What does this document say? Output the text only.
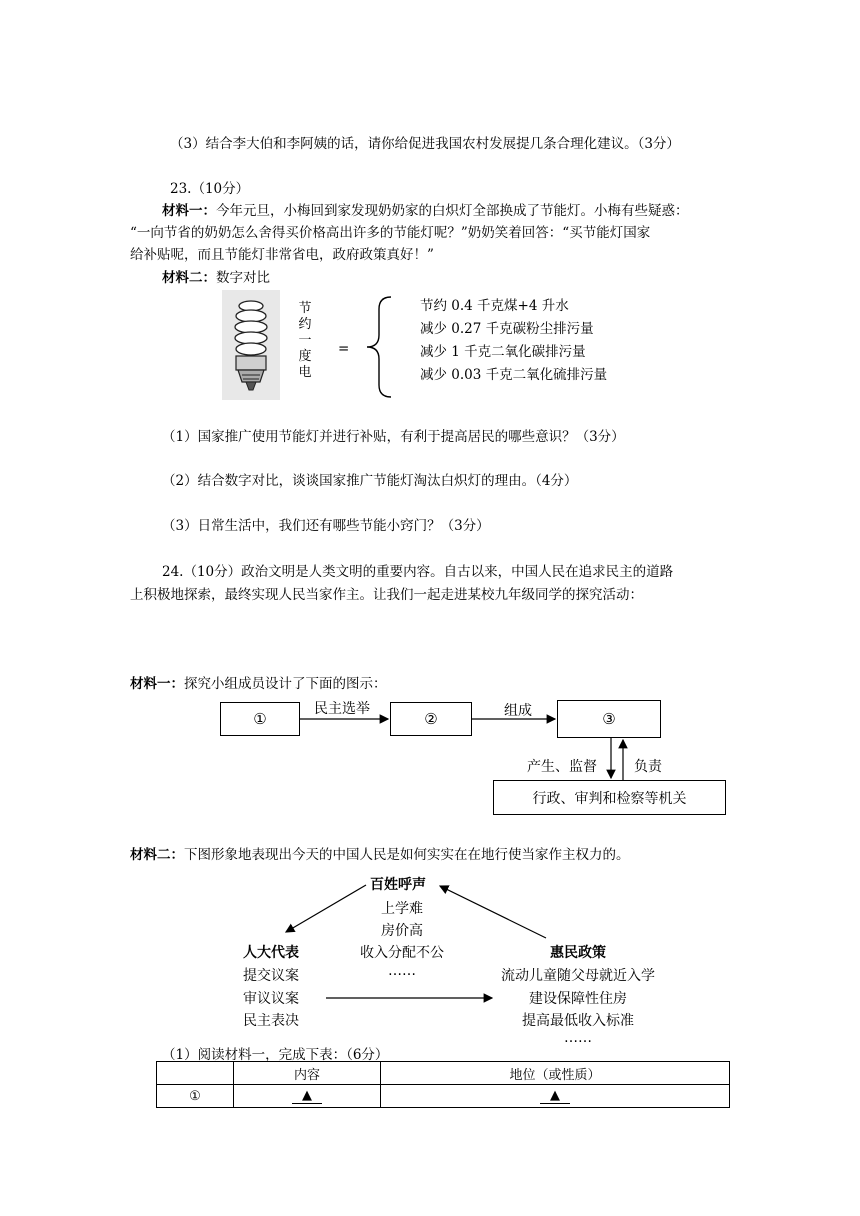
（3）结合李大伯和李阿姨的话，请你给促进我国农村发展提几条合理化建议。（3分）
23.（10分）
材料一：今年元旦，小梅回到家发现奶奶家的白炽灯全部换成了节能灯。小梅有些疑惑：
“一向节省的奶奶怎么舍得买价格高出许多的节能灯呢？”奶奶笑着回答：“买节能灯国家
给补贴呢，而且节能灯非常省电，政府政策真好！”
材料二：数字对比
节
约
一
度
电
=
节约 0.4 千克煤+4 升水
减少 0.27 千克碳粉尘排污量
减少 1 千克二氧化碳排污量
减少 0.03 千克二氧化硫排污量
（1）国家推广使用节能灯并进行补贴，有利于提高居民的哪些意识？（3分）
（2）结合数字对比，谈谈国家推广节能灯淘汰白炽灯的理由。（4分）
（3）日常生活中，我们还有哪些节能小窍门？（3分）
24.（10分）政治文明是人类文明的重要内容。自古以来，中国人民在追求民主的道路
上积极地探索，最终实现人民当家作主。让我们一起走进某校九年级同学的探究活动：
材料一：探究小组成员设计了下面的图示：
①	②	③
行政、审判和检察等机关
民主选举	组成
产生、监督	负责
材料二：下图形象地表现出今天的中国人民是如何实实在在地行使当家作主权力的。
百姓呼声
上学难
房价高
收入分配不公
……
人大代表
提交议案
审议议案
民主表决
惠民政策
流动儿童随父母就近入学
建设保障性住房
提高最低收入标准
……
（1）阅读材料一，完成下表：（6分）
	内容	地位（或性质）
①	▲	▲
